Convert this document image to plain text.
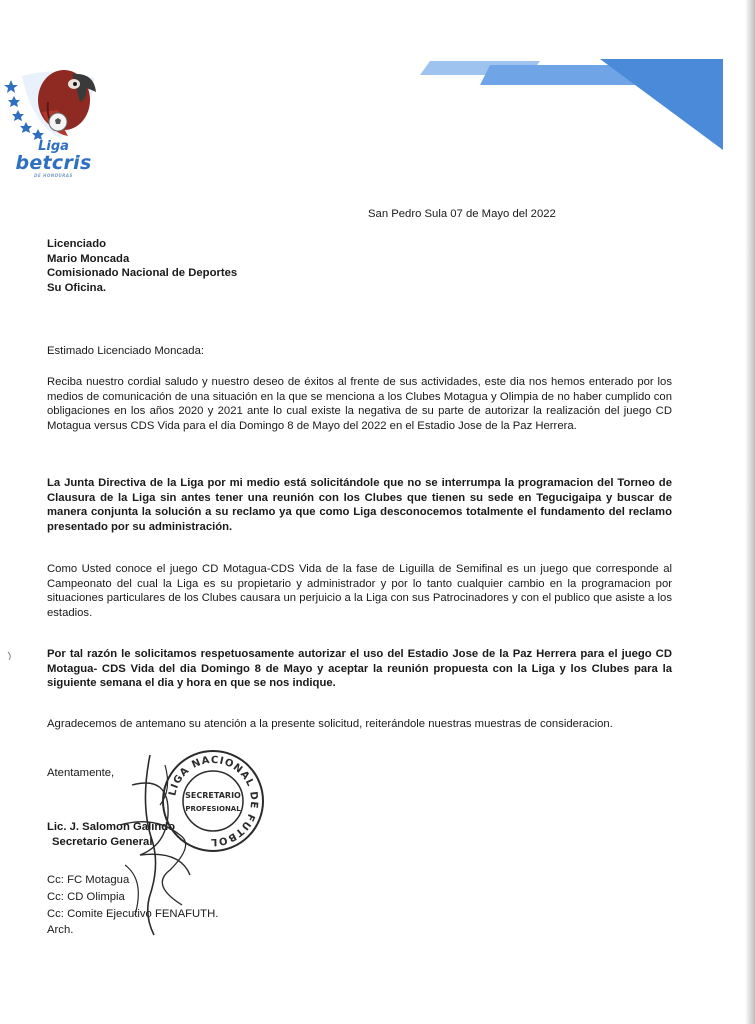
Liga
betcris
DE HONDURAS
San Pedro Sula 07 de Mayo del 2022
Licenciado
Mario Moncada
Comisionado Nacional de Deportes
Su Oficina.
Estimado Licenciado Moncada:
Reciba nuestro cordial saludo y nuestro deseo de éxitos al frente de sus actividades, este dia nos hemos enterado por los medios de comunicación de una situación en la que se menciona a los Clubes Motagua y Olimpia de no haber cumplido con obligaciones en los años 2020 y 2021 ante lo cual existe la negativa de su parte de autorizar la realización del juego CD Motagua versus CDS Vida para el dia Domingo 8 de Mayo del 2022 en el Estadio Jose de la Paz Herrera.
La Junta Directiva de la Liga por mi medio está solicitándole que no se interrumpa la programacion del Torneo de Clausura de la Liga sin antes tener una reunión con los Clubes que tienen su sede en Tegucigaipa y buscar de manera conjunta la solución a su reclamo ya que como Liga desconocemos totalmente el fundamento del reclamo presentado por su administración.
Como Usted conoce el juego CD Motagua-CDS Vida de la fase de Liguilla de Semifinal es un juego que corresponde al Campeonato del cual la Liga es su propietario y administrador y por lo tanto cualquier cambio en la programacion por situaciones particulares de los Clubes causara un perjuicio a la Liga con sus Patrocinadores y con el publico que asiste a los estadios.
Por tal razón le solicitamos respetuosamente autorizar el uso del Estadio Jose de la Paz Herrera para el juego CD Motagua- CDS Vida del dia Domingo 8 de Mayo y aceptar la reunión propuesta con la Liga y los Clubes para la siguiente semana el dia y hora en que se nos indique.
Agradecemos de antemano su atención a la presente solicitud, reiterándole nuestras muestras de consideracion.
Atentamente,
Lic. J. Salomon Galindo
Secretario General
Cc: FC Motagua
Cc: CD Olimpia
Cc: Comite Ejecutivo FENAFUTH.
Arch.
LIGA NACIONAL DE FUTBOL
SECRETARIO
PROFESIONAL
